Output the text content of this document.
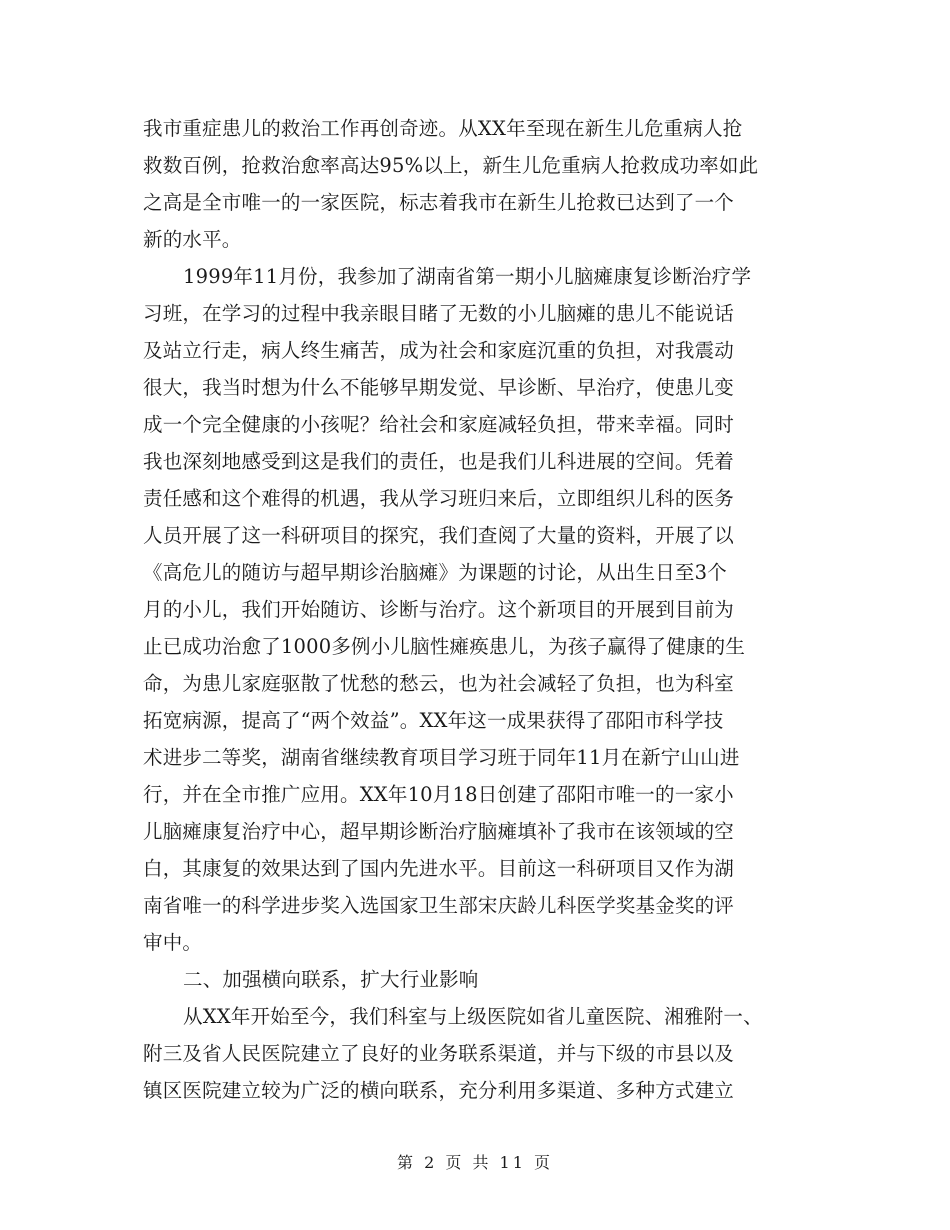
我市重症患儿的救治工作再创奇迹。从XX年至现在新生儿危重病人抢
救数百例，抢救治愈率高达95%以上，新生儿危重病人抢救成功率如此
之高是全市唯一的一家医院，标志着我市在新生儿抢救已达到了一个
新的水平。
1999年11月份，我参加了湖南省第一期小儿脑瘫康复诊断治疗学
习班，在学习的过程中我亲眼目睹了无数的小儿脑瘫的患儿不能说话
及站立行走，病人终生痛苦，成为社会和家庭沉重的负担，对我震动
很大，我当时想为什么不能够早期发觉、早诊断、早治疗，使患儿变
成一个完全健康的小孩呢？给社会和家庭减轻负担，带来幸福。同时
我也深刻地感受到这是我们的责任，也是我们儿科进展的空间。凭着
责任感和这个难得的机遇，我从学习班归来后，立即组织儿科的医务
人员开展了这一科研项目的探究，我们查阅了大量的资料，开展了以
《高危儿的随访与超早期诊治脑瘫》为课题的讨论，从出生日至3个
月的小儿，我们开始随访、诊断与治疗。这个新项目的开展到目前为
止已成功治愈了1000多例小儿脑性瘫痪患儿，为孩子赢得了健康的生
命，为患儿家庭驱散了忧愁的愁云，也为社会减轻了负担，也为科室
拓宽病源，提高了“两个效益”。XX年这一成果获得了邵阳市科学技
术进步二等奖，湖南省继续教育项目学习班于同年11月在新宁山山进
行，并在全市推广应用。XX年10月18日创建了邵阳市唯一的一家小
儿脑瘫康复治疗中心，超早期诊断治疗脑瘫填补了我市在该领域的空
白，其康复的效果达到了国内先进水平。目前这一科研项目又作为湖
南省唯一的科学进步奖入选国家卫生部宋庆龄儿科医学奖基金奖的评
审中。
二、加强横向联系，扩大行业影响
从XX年开始至今，我们科室与上级医院如省儿童医院、湘雅附一、
附三及省人民医院建立了良好的业务联系渠道，并与下级的市县以及
镇区医院建立较为广泛的横向联系，充分利用多渠道、多种方式建立
第 2 页 共 11 页
